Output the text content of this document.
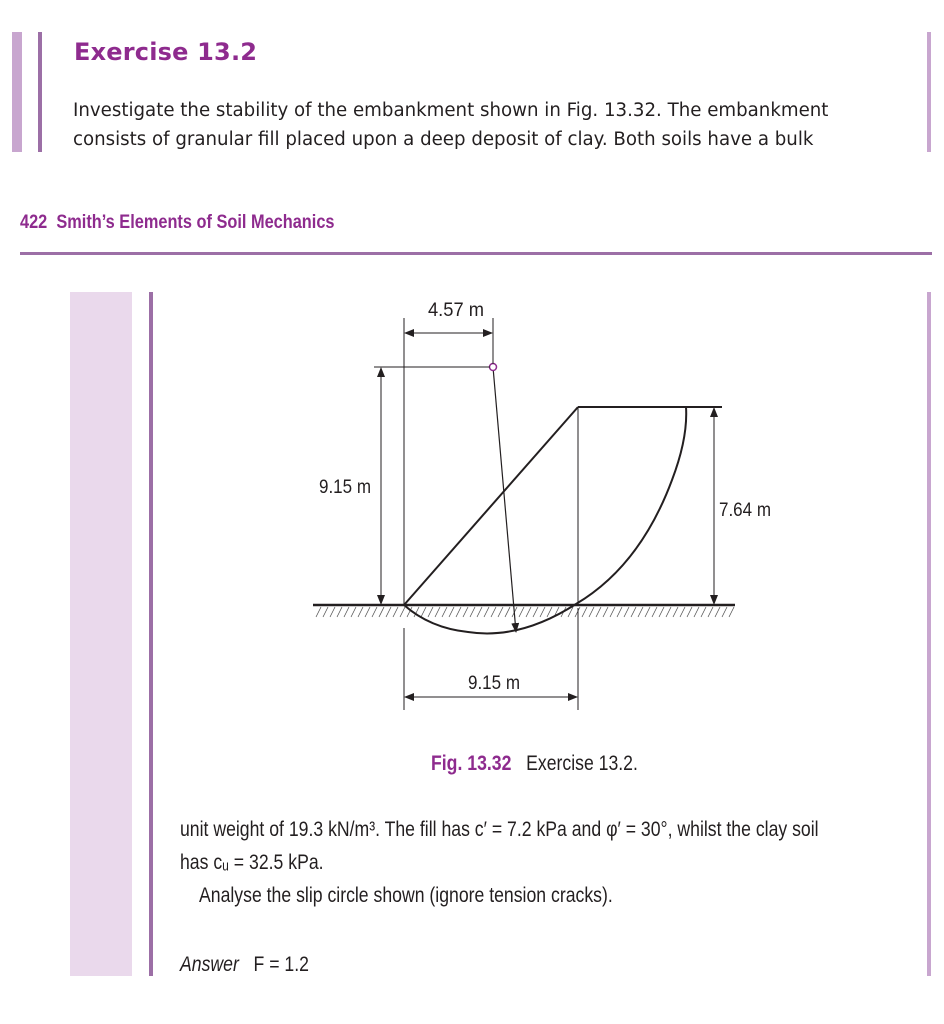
Exercise 13.2
Investigate the stability of the embankment shown in Fig. 13.32. The embankment
consists of granular fill placed upon a deep deposit of clay. Both soils have a bulk
422 Smith’s Elements of Soil Mechanics
4.57 m
9.15 m
7.64 m
9.15 m
Fig. 13.32 Exercise 13.2.
unit weight of 19.3 kN/m³. The fill has c′ = 7.2 kPa and φ′ = 30°, whilst the clay soil
has cᵤ = 32.5 kPa.
Analyse the slip circle shown (ignore tension cracks).
Answer F = 1.2
